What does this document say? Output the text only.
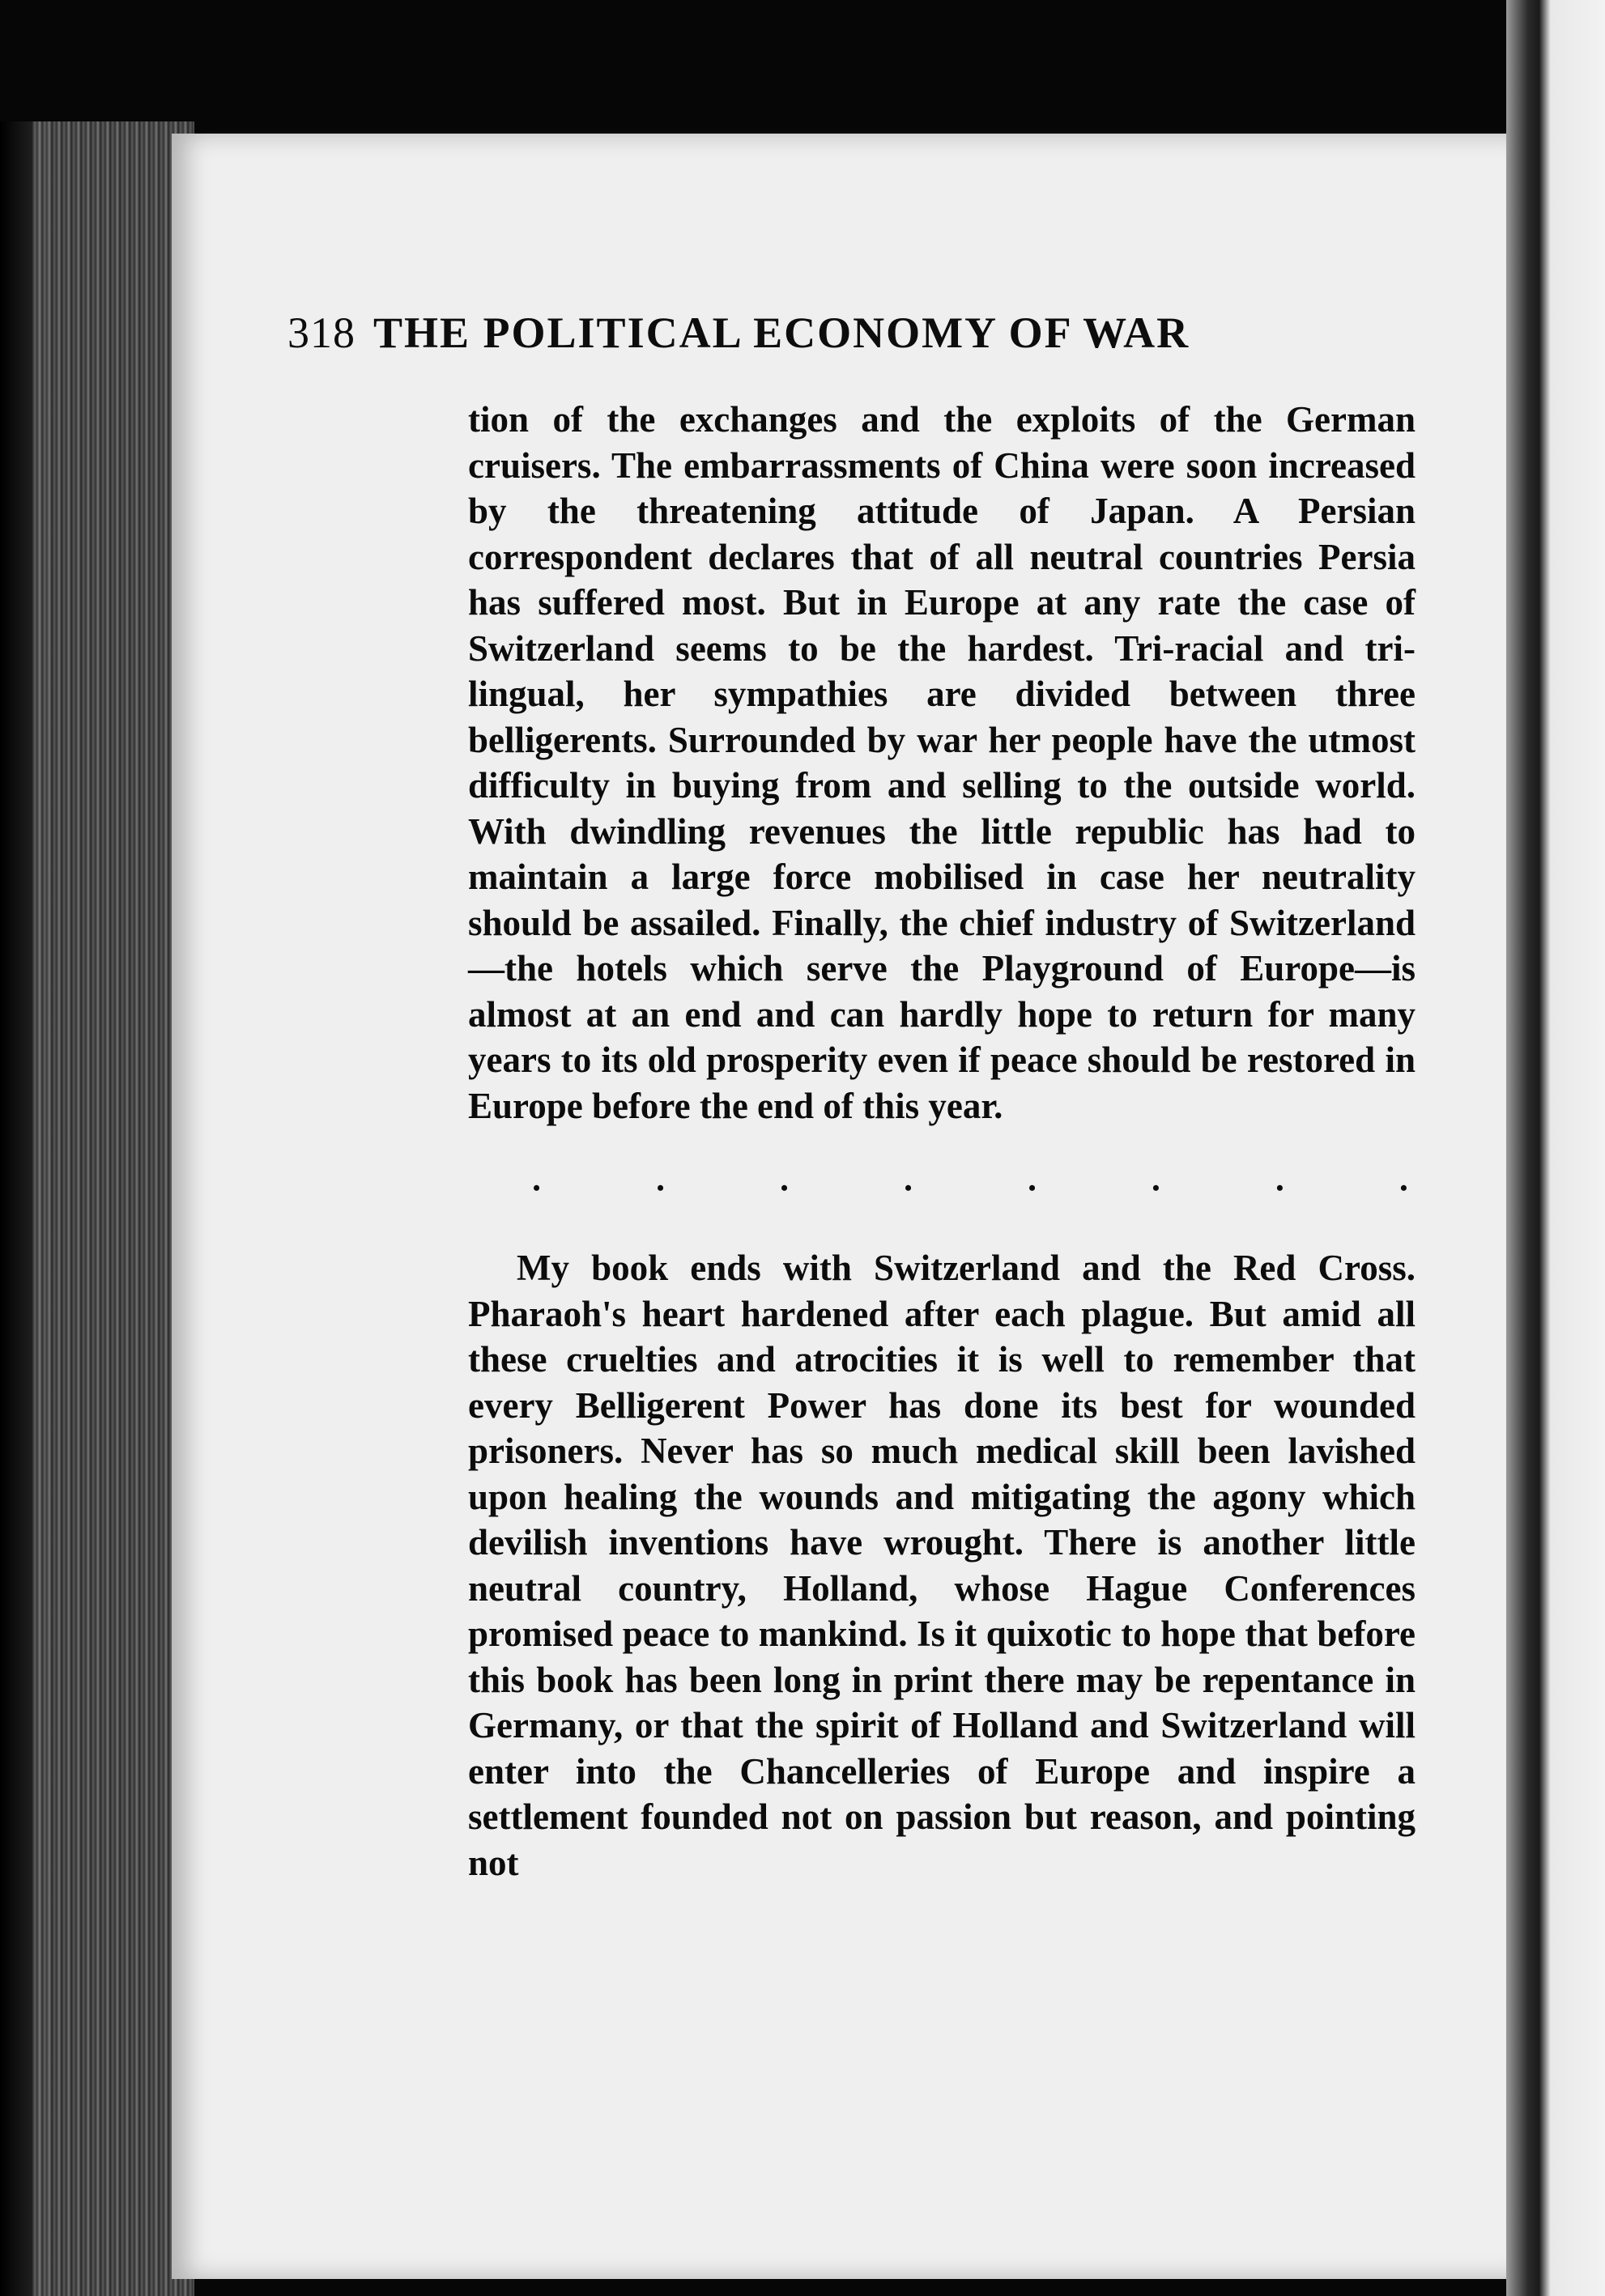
318 THE POLITICAL ECONOMY OF WAR

tion of the exchanges and the exploits of the German cruisers. The embarrassments of China were soon increased by the threatening attitude of Japan. A Persian correspondent declares that of all neutral countries Persia has suffered most. But in Europe at any rate the case of Switzerland seems to be the hardest. Tri-racial and tri-lingual, her sympathies are divided between three belligerents. Surrounded by war her people have the utmost difficulty in buying from and selling to the outside world. With dwindling revenues the little republic has had to maintain a large force mobilised in case her neutrality should be assailed. Finally, the chief industry of Switzerland—the hotels which serve the Playground of Europe—is almost at an end and can hardly hope to return for many years to its old prosperity even if peace should be restored in Europe before the end of this year.

•	•	•	•	•	•	•	•

My book ends with Switzerland and the Red Cross. Pharaoh's heart hardened after each plague. But amid all these cruelties and atrocities it is well to remember that every Belligerent Power has done its best for wounded prisoners. Never has so much medical skill been lavished upon healing the wounds and mitigating the agony which devilish inventions have wrought. There is another little neutral country, Holland, whose Hague Conferences promised peace to mankind. Is it quixotic to hope that before this book has been long in print there may be repentance in Germany, or that the spirit of Holland and Switzerland will enter into the Chancelleries of Europe and inspire a settlement founded not on passion but reason, and pointing not
